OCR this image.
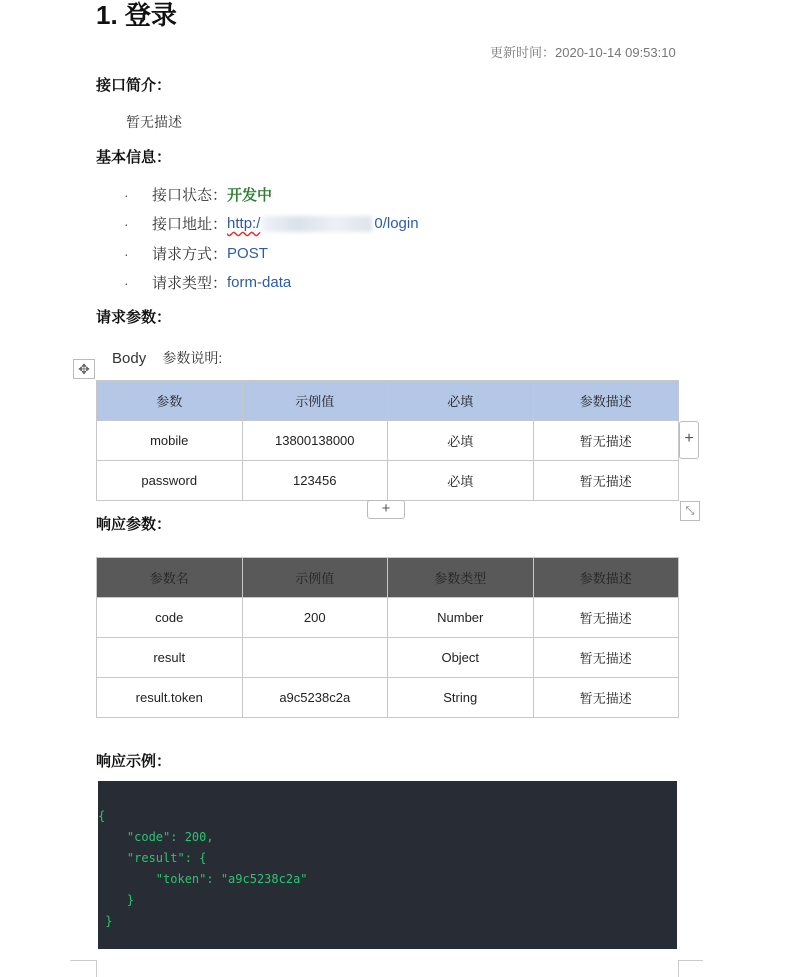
1. 登录
更新时间：2020-10-14 09:53:10
接口简介：
暂无描述
基本信息：
·	接口状态： 开发中
·	接口地址： http:/	0/login
·	请求方式： POST
·	请求类型： form-data
请求参数：
✥
Body 参数说明:
参数	示例值	必填	参数描述
mobile	13800138000	必填	暂无描述
password	123456	必填	暂无描述
+
+	⤡
响应参数：
参数名	示例值	参数类型	参数描述
code	200	Number	暂无描述
result		Object	暂无描述
result.token	a9c5238c2a	String	暂无描述
响应示例：
{
"code": 200,
"result": {
"token": "a9c5238c2a"
}
}
